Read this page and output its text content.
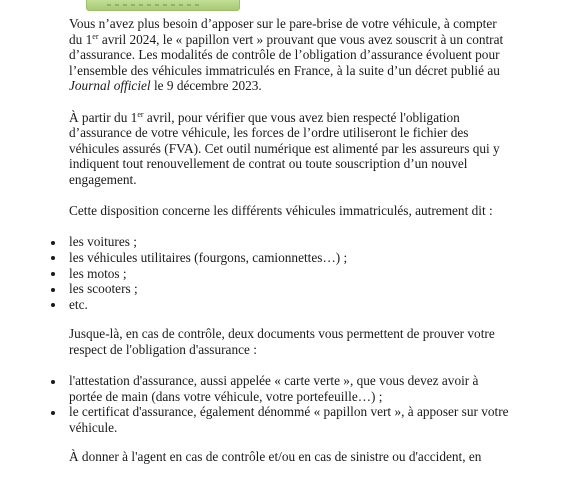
Vous n’avez plus besoin d’apposer sur le pare-brise de votre véhicule, à compter du 1er avril 2024, le « papillon vert » prouvant que vous avez souscrit à un contrat d’assurance. Les modalités de contrôle de l’obligation d’assurance évoluent pour l’ensemble des véhicules immatriculés en France, à la suite d’un décret publié au Journal officiel le 9 décembre 2023.

À partir du 1er avril, pour vérifier que vous avez bien respecté l'obligation d’assurance de votre véhicule, les forces de l’ordre utiliseront le fichier des véhicules assurés (FVA). Cet outil numérique est alimenté par les assureurs qui y indiquent tout renouvellement de contrat ou toute souscription d’un nouvel engagement.

Cette disposition concerne les différents véhicules immatriculés, autrement dit :

les voitures ;
les véhicules utilitaires (fourgons, camionnettes…) ;
les motos ;
les scooters ;
etc.

Jusque-là, en cas de contrôle, deux documents vous permettent de prouver votre respect de l'obligation d'assurance :

l'attestation d'assurance, aussi appelée « carte verte », que vous devez avoir à portée de main (dans votre véhicule, votre portefeuille…) ;
le certificat d'assurance, également dénommé « papillon vert », à apposer sur votre véhicule.

À donner à l'agent en cas de contrôle et/ou en cas de sinistre ou d'accident, en
